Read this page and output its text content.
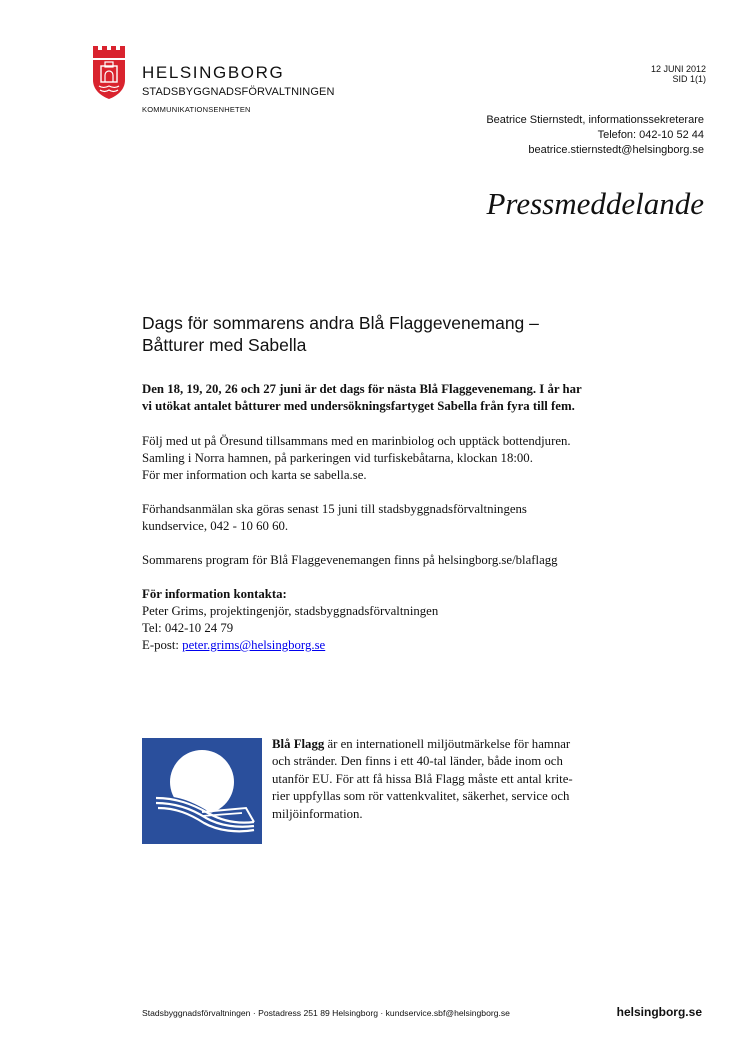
HELSINGBORG
STADSBYGGNADSFÖRVALTNINGEN
KOMMUNIKATIONSENHETEN
12 JUNI 2012
SID 1(1)
Beatrice Stiernstedt, informationssekreterare
Telefon: 042-10 52 44
beatrice.stiernstedt@helsingborg.se
Pressmeddelande
Dags för sommarens andra Blå Flaggevenemang –
Båtturer med Sabella

Den 18, 19, 20, 26 och 27 juni är det dags för nästa Blå Flaggevenemang. I år har

vi utökat antalet båtturer med undersökningsfartyget Sabella från fyra till fem.

Följ med ut på Öresund tillsammans med en marinbiolog och upptäck bottendjuren.

Samling i Norra hamnen, på parkeringen vid turfiskebåtarna, klockan 18:00.

För mer information och karta se sabella.se.

Förhandsanmälan ska göras senast 15 juni till stadsbyggnadsförvaltningens

kundservice, 042 - 10 60 60.

Sommarens program för Blå Flaggevenemangen finns på helsingborg.se/blaflagg

För information kontakta:

Peter Grims, projektingenjör, stadsbyggnadsförvaltningen

Tel: 042-10 24 79

E-post: peter.grims@helsingborg.se

Blå Flagg är en internationell miljöutmärkelse för hamnar
och stränder. Den finns i ett 40-tal länder, både inom och
utanför EU. För att få hissa Blå Flagg måste ett antal krite-
rier uppfyllas som rör vattenkvalitet, säkerhet, service och
miljöinformation.
Stadsbyggnadsförvaltningen · Postadress 251 89 Helsingborg · kundservice.sbf@helsingborg.se	helsingborg.se
